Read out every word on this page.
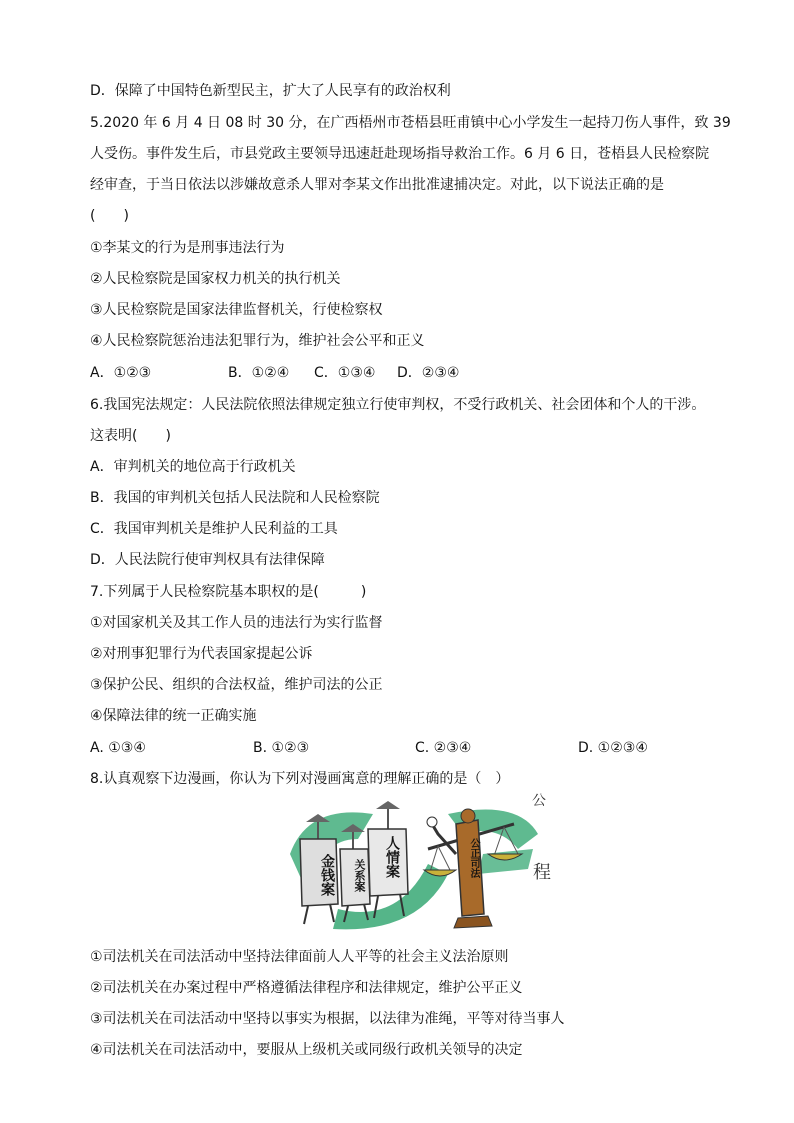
D．保障了中国特色新型民主，扩大了人民享有的政治权利
5.2020 年 6 月 4 日 08 时 30 分，在广西梧州市苍梧县旺甫镇中心小学发生一起持刀伤人事件，致 39
人受伤。事件发生后，市县党政主要领导迅速赶赴现场指导救治工作。6 月 6 日，苍梧县人民检察院
经审查，于当日依法以涉嫌故意杀人罪对李某文作出批准逮捕决定。对此，以下说法正确的是
(　　)
①李某文的行为是刑事违法行为
②人民检察院是国家权力机关的执行机关
③人民检察院是国家法律监督机关，行使检察权
④人民检察院惩治违法犯罪行为，维护社会公平和正义
A．①②③	B．①②④ C．①③④ D．②③④
6.我国宪法规定：人民法院依照法律规定独立行使审判权，不受行政机关、社会团体和个人的干涉。
这表明(　　)
A．审判机关的地位高于行政机关
B．我国的审判机关包括人民法院和人民检察院
C．我国审判机关是维护人民利益的工具
D．人民法院行使审判权具有法律保障
7.下列属于人民检察院基本职权的是(　　　)
①对国家机关及其工作人员的违法行为实行监督
②对刑事犯罪行为代表国家提起公诉
③保护公民、组织的合法权益，维护司法的公正
④保障法律的统一正确实施
A. ①③④	B. ①②③	C. ②③④	D. ①②③④
8.认真观察下边漫画，你认为下列对漫画寓意的理解正确的是（　）
金钱案	关系案	人情案	公正司法
公
程
①司法机关在司法活动中坚持法律面前人人平等的社会主义法治原则
②司法机关在办案过程中严格遵循法律程序和法律规定，维护公平正义
③司法机关在司法活动中坚持以事实为根据，以法律为准绳，平等对待当事人
④司法机关在司法活动中，要服从上级机关或同级行政机关领导的决定
